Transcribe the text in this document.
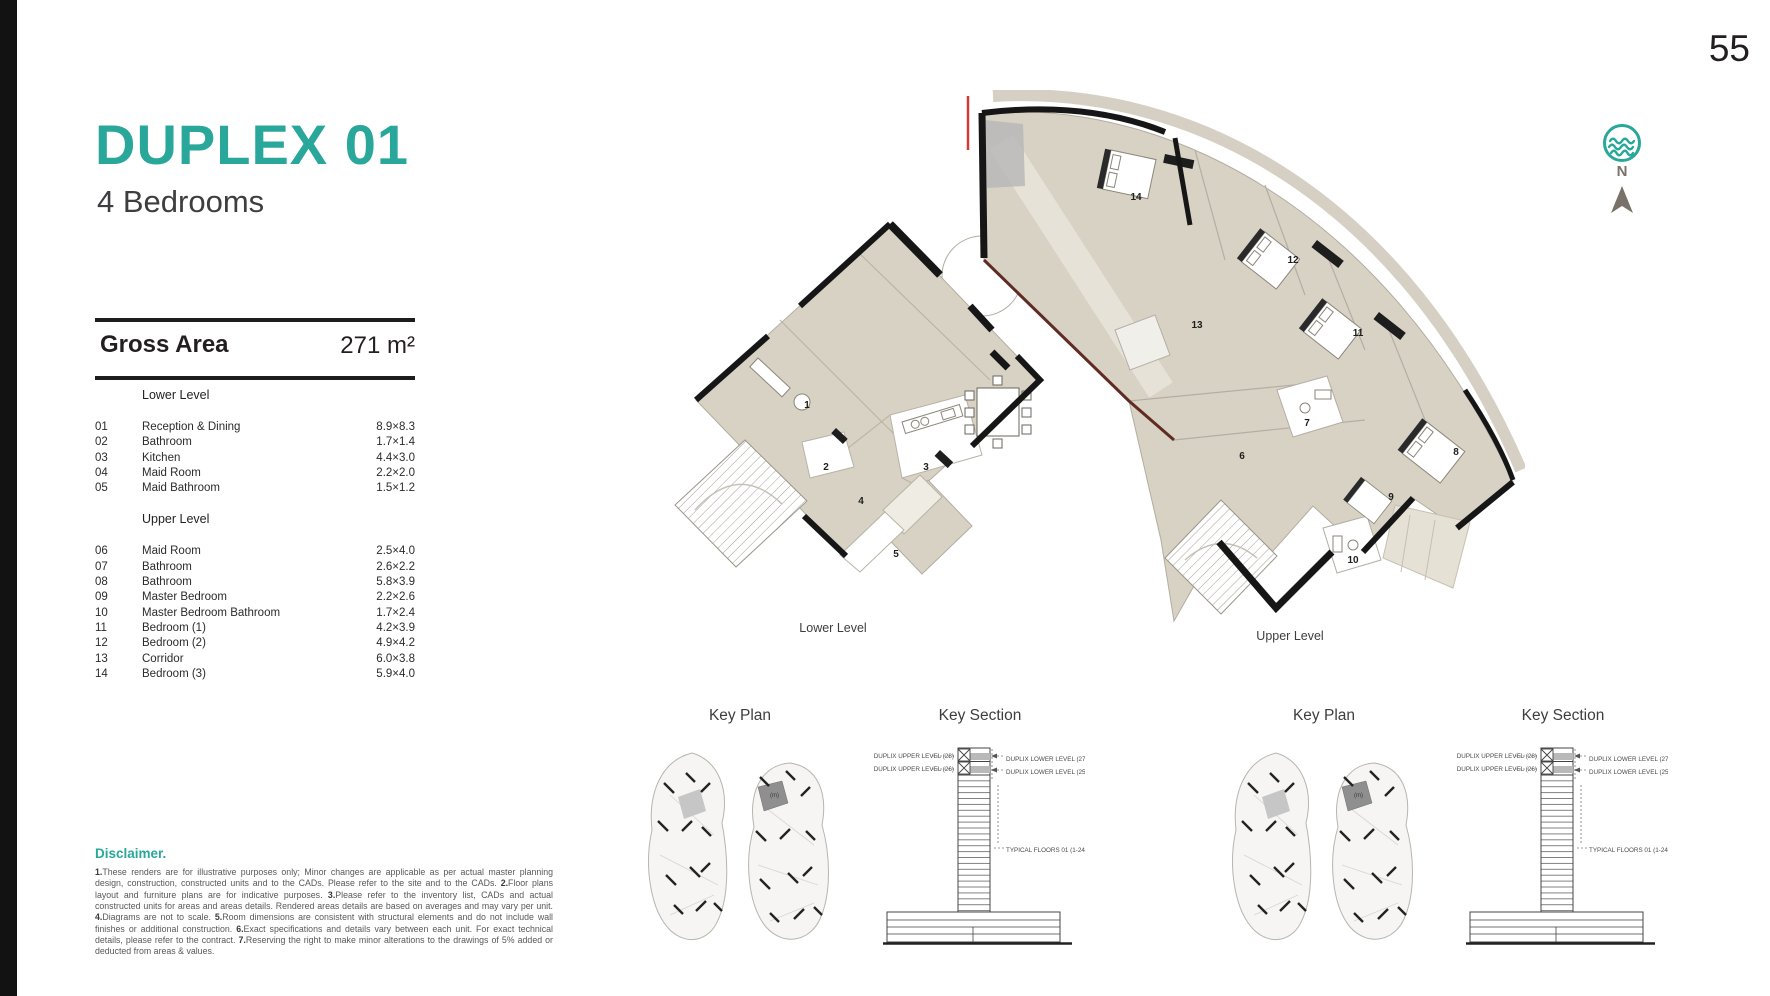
55
N
DUPLEX 01
4 Bedrooms
Gross Area	271 m²
Lower Level
01	Reception & Dining	8.9×8.3
02	Bathroom	1.7×1.4
03	Kitchen	4.4×3.0
04	Maid Room	2.2×2.0
05	Maid Bathroom	1.5×1.2
Upper Level
06	Maid Room	2.5×4.0
07	Bathroom	2.6×2.2
08	Bathroom	5.8×3.9
09	Master Bedroom	2.2×2.6
10	Master Bedroom Bathroom	1.7×2.4
11	Bedroom (1)	4.2×3.9
12	Bedroom (2)	4.9×4.2
13	Corridor	6.0×3.8
14	Bedroom (3)	5.9×4.0
1
2	3
4
5
6
7
8
9
10
11
12
13
14
Lower Level
Upper Level
Key Plan	Key Section	Key Plan	Key Section
Disclaimer.

1.These renders are for illustrative purposes only; Minor changes are applicable as per actual master planning design, construction, constructed units and to the CADs. Please refer to the site and to the CADs. 2.Floor plans layout and furniture plans are for indicative purposes. 3.Please refer to the inventory list, CADs and actual constructed units for areas and areas details. Rendered areas details are based on averages and may vary per unit. 4.Diagrams are not to scale. 5.Room dimensions are consistent with structural elements and do not include wall finishes or additional construction. 6.Exact specifications and details vary between each unit. For exact technical details, please refer to the contract. 7.Reserving the right to make minor alterations to the drawings of 5% added or deducted from areas & values.
